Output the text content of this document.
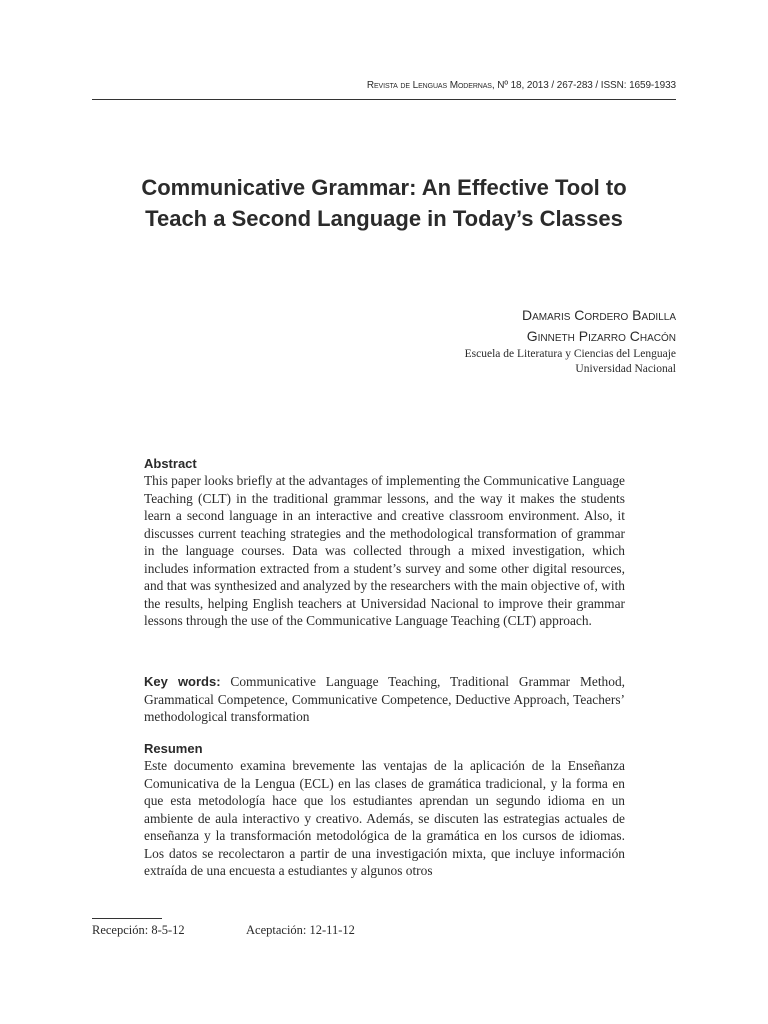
Revista de Lenguas Modernas, Nº 18, 2013 / 267-283 / ISSN: 1659-1933
Communicative Grammar: An Effective Tool to Teach a Second Language in Today’s Classes
Damaris Cordero Badilla
Ginneth Pizarro Chacón
Escuela de Literatura y Ciencias del Lenguaje
Universidad Nacional
Abstract

This paper looks briefly at the advantages of implementing the Communicative Language Teaching (CLT) in the traditional grammar lessons, and the way it makes the students learn a second language in an interactive and creative classroom environment. Also, it discusses current teaching strategies and the methodological transformation of grammar in the language courses. Data was collected through a mixed investigation, which includes information extracted from a student’s survey and some other digital resources, and that was synthesized and analyzed by the researchers with the main objective of, with the results, helping English teachers at Universidad Nacional to improve their grammar lessons through the use of the Communicative Language Teaching (CLT) approach.

Key words: Communicative Language Teaching, Traditional Grammar Method, Grammatical Competence, Communicative Competence, Deductive Approach, Teachers’ methodological transformation

Resumen

Este documento examina brevemente las ventajas de la aplicación de la Enseñanza Comunicativa de la Lengua (ECL) en las clases de gramática tradicional, y la forma en que esta metodología hace que los estudiantes aprendan un segundo idioma en un ambiente de aula interactivo y creativo. Además, se discuten las estrategias actuales de enseñanza y la transformación metodológica de la gramática en los cursos de idiomas. Los datos se recolectaron a partir de una investigación mixta, que incluye información extraída de una encuesta a estudiantes y algunos otros

Recepción: 8-5-12	Aceptación: 12-11-12
